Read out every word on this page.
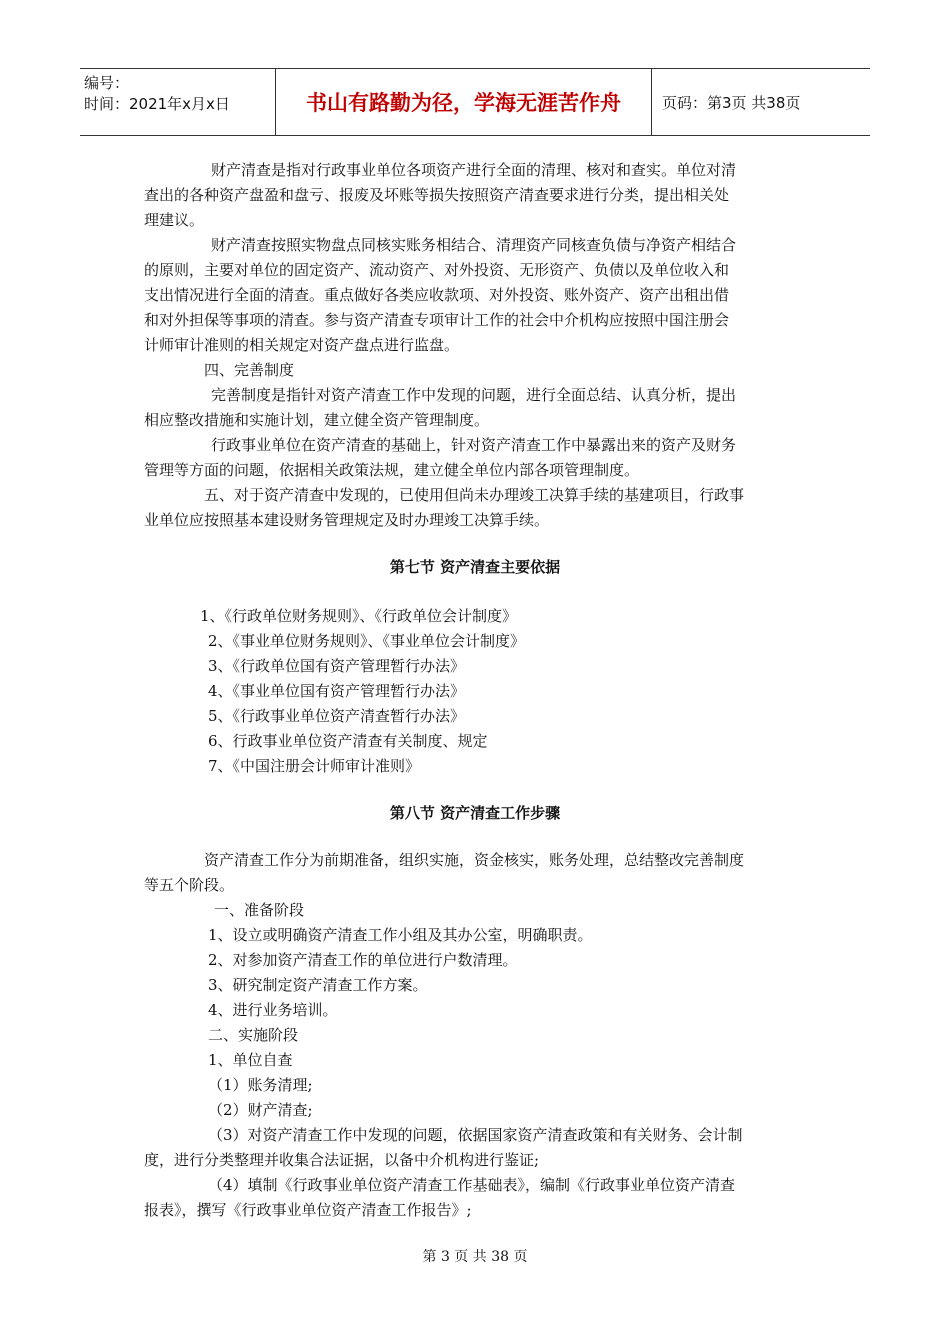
编号：
时间：2021年x月x日	书山有路勤为径，学海无涯苦作舟	页码：第3页 共38页

财产清查是指对行政事业单位各项资产进行全面的清理、核对和查实。单位对清

查出的各种资产盘盈和盘亏、报废及坏账等损失按照资产清查要求进行分类，提出相关处

理建议。

财产清查按照实物盘点同核实账务相结合、清理资产同核查负债与净资产相结合

的原则，主要对单位的固定资产、流动资产、对外投资、无形资产、负债以及单位收入和

支出情况进行全面的清查。重点做好各类应收款项、对外投资、账外资产、资产出租出借

和对外担保等事项的清查。参与资产清查专项审计工作的社会中介机构应按照中国注册会

计师审计准则的相关规定对资产盘点进行监盘。

四、完善制度

完善制度是指针对资产清查工作中发现的问题，进行全面总结、认真分析，提出

相应整改措施和实施计划，建立健全资产管理制度。

行政事业单位在资产清查的基础上，针对资产清查工作中暴露出来的资产及财务

管理等方面的问题，依据相关政策法规，建立健全单位内部各项管理制度。

五、对于资产清查中发现的，已使用但尚未办理竣工决算手续的基建项目，行政事

业单位应按照基本建设财务管理规定及时办理竣工决算手续。

第七节 资产清查主要依据

1、《行政单位财务规则》、《行政单位会计制度》
2、《事业单位财务规则》、《事业单位会计制度》
3、《行政单位国有资产管理暂行办法》
4、《事业单位国有资产管理暂行办法》
5、《行政事业单位资产清查暂行办法》
6、行政事业单位资产清查有关制度、规定
7、《中国注册会计师审计准则》

第八节 资产清查工作步骤

资产清查工作分为前期准备，组织实施，资金核实，账务处理，总结整改完善制度

等五个阶段。

一、准备阶段

1、设立或明确资产清查工作小组及其办公室，明确职责。

2、对参加资产清查工作的单位进行户数清理。

3、研究制定资产清查工作方案。

4、进行业务培训。

二、实施阶段

1、单位自查

（1）账务清理;

（2）财产清查;

（3）对资产清查工作中发现的问题，依据国家资产清查政策和有关财务、会计制

度，进行分类整理并收集合法证据，以备中介机构进行鉴证;

（4）填制《行政事业单位资产清查工作基础表》，编制《行政事业单位资产清查

报表》，撰写《行政事业单位资产清查工作报告》;

第 3 页 共 38 页
